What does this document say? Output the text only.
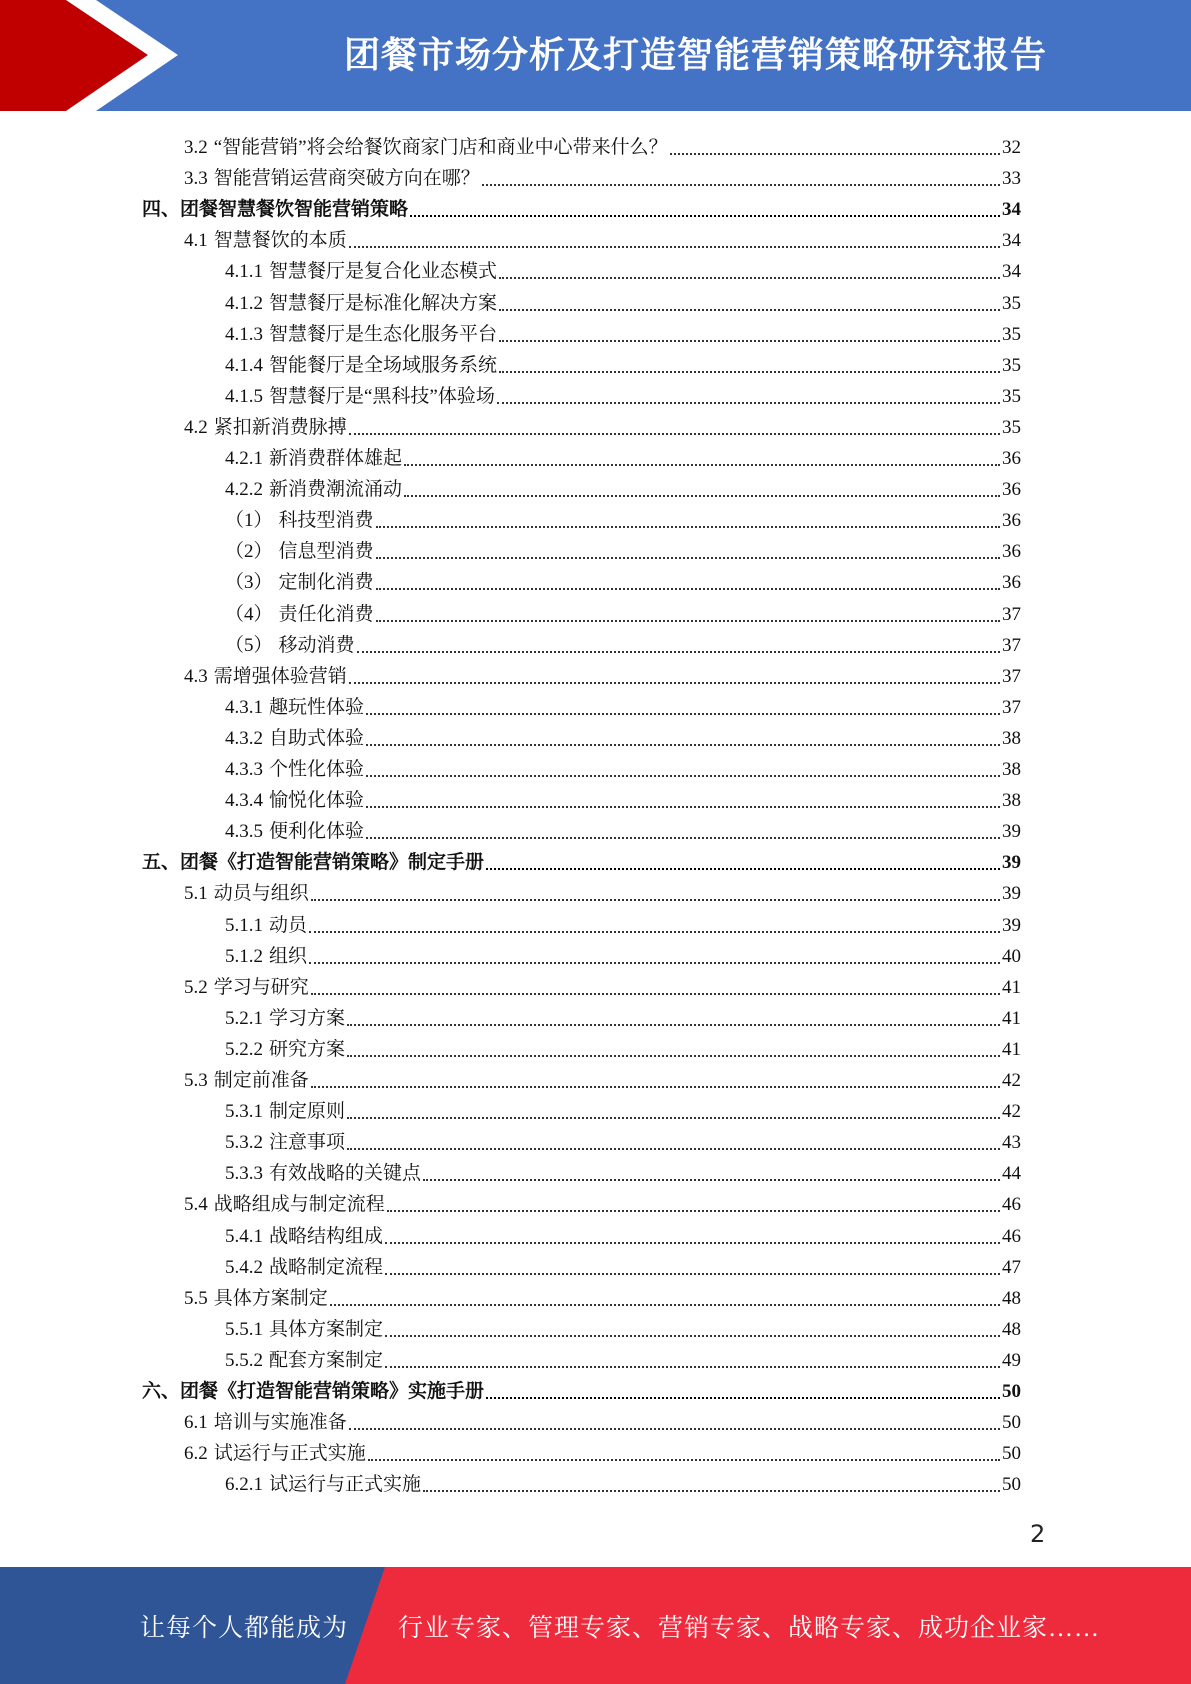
团餐市场分析及打造智能营销策略研究报告
3.2 “智能营销”将会给餐饮商家门店和商业中心带来什么？	32
3.3 智能营销运营商突破方向在哪？	33
四、团餐智慧餐饮智能营销策略	34
4.1 智慧餐饮的本质	34
4.1.1 智慧餐厅是复合化业态模式	34
4.1.2 智慧餐厅是标准化解决方案	35
4.1.3 智慧餐厅是生态化服务平台	35
4.1.4 智能餐厅是全场域服务系统	35
4.1.5 智慧餐厅是“黑科技”体验场	35
4.2 紧扣新消费脉搏	35
4.2.1 新消费群体雄起	36
4.2.2 新消费潮流涌动	36
（1） 科技型消费	36
（2） 信息型消费	36
（3） 定制化消费	36
（4） 责任化消费	37
（5） 移动消费	37
4.3 需增强体验营销	37
4.3.1 趣玩性体验	37
4.3.2 自助式体验	38
4.3.3 个性化体验	38
4.3.4 愉悦化体验	38
4.3.5 便利化体验	39
五、团餐《打造智能营销策略》制定手册	39
5.1 动员与组织	39
5.1.1 动员	39
5.1.2 组织	40
5.2 学习与研究	41
5.2.1 学习方案	41
5.2.2 研究方案	41
5.3 制定前准备	42
5.3.1 制定原则	42
5.3.2 注意事项	43
5.3.3 有效战略的关键点	44
5.4 战略组成与制定流程	46
5.4.1 战略结构组成	46
5.4.2 战略制定流程	47
5.5 具体方案制定	48
5.5.1 具体方案制定	48
5.5.2 配套方案制定	49
六、团餐《打造智能营销策略》实施手册	50
6.1 培训与实施准备	50
6.2 试运行与正式实施	50
6.2.1 试运行与正式实施	50
2
让每个人都能成为 行业专家、管理专家、营销专家、战略专家、成功企业家……
